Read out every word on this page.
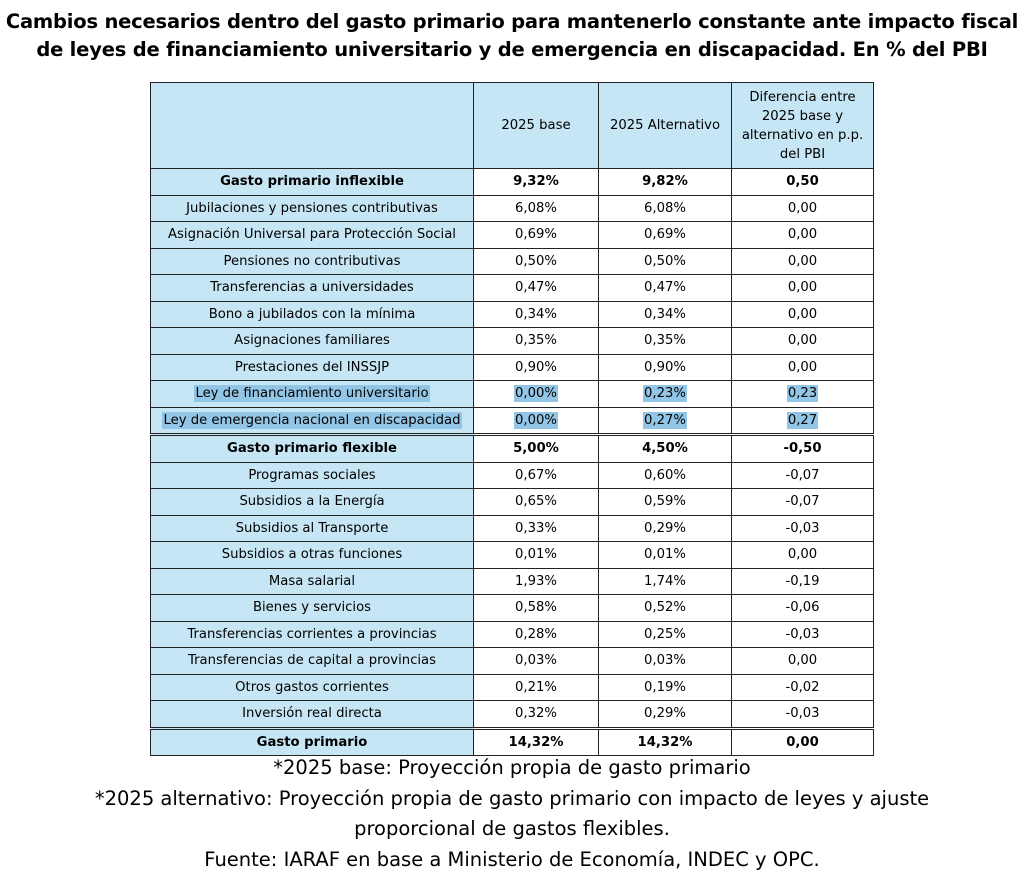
Cambios necesarios dentro del gasto primario para mantenerlo constante ante impacto fiscal
de leyes de financiamiento universitario y de emergencia en discapacidad. En % del PBI
	2025 base	2025 Alternativo	Diferencia entre 2025 base y alternativo en p.p. del PBI
Gasto primario inflexible	9,32%	9,82%	0,50
Jubilaciones y pensiones contributivas	6,08%	6,08%	0,00
Asignación Universal para Protección Social	0,69%	0,69%	0,00
Pensiones no contributivas	0,50%	0,50%	0,00
Transferencias a universidades	0,47%	0,47%	0,00
Bono a jubilados con la mínima	0,34%	0,34%	0,00
Asignaciones familiares	0,35%	0,35%	0,00
Prestaciones del INSSJP	0,90%	0,90%	0,00
Ley de financiamiento universitario	0,00%	0,23%	0,23
Ley de emergencia nacional en discapacidad	0,00%	0,27%	0,27
Gasto primario flexible	5,00%	4,50%	-0,50
Programas sociales	0,67%	0,60%	-0,07
Subsidios a la Energía	0,65%	0,59%	-0,07
Subsidios al Transporte	0,33%	0,29%	-0,03
Subsidios a otras funciones	0,01%	0,01%	0,00
Masa salarial	1,93%	1,74%	-0,19
Bienes y servicios	0,58%	0,52%	-0,06
Transferencias corrientes a provincias	0,28%	0,25%	-0,03
Transferencias de capital a provincias	0,03%	0,03%	0,00
Otros gastos corrientes	0,21%	0,19%	-0,02
Inversión real directa	0,32%	0,29%	-0,03
Gasto primario	14,32%	14,32%	0,00
*2025 base: Proyección propia de gasto primario
*2025 alternativo: Proyección propia de gasto primario con impacto de leyes y ajuste
proporcional de gastos flexibles.
Fuente: IARAF en base a Ministerio de Economía, INDEC y OPC.
